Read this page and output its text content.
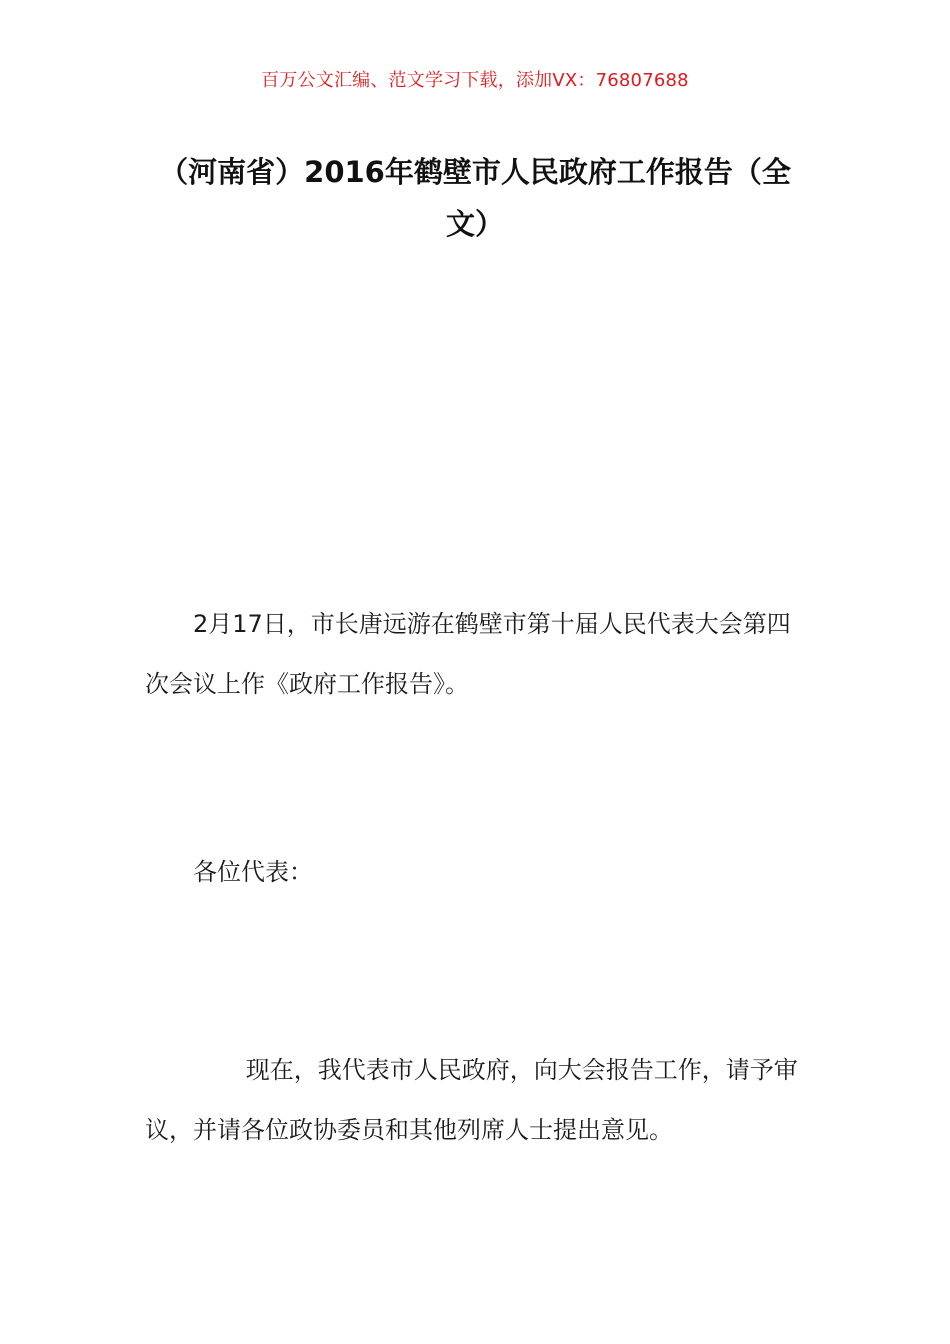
百万公文汇编、范文学习下载，添加VX：76807688
（河南省）2016年鹤壁市人民政府工作报告（全文）

2月17日，市长唐远游在鹤壁市第十届人民代表大会第四次会议上作《政府工作报告》。

各位代表：

现在，我代表市人民政府，向大会报告工作，请予审议，并请各位政协委员和其他列席人士提出意见。
